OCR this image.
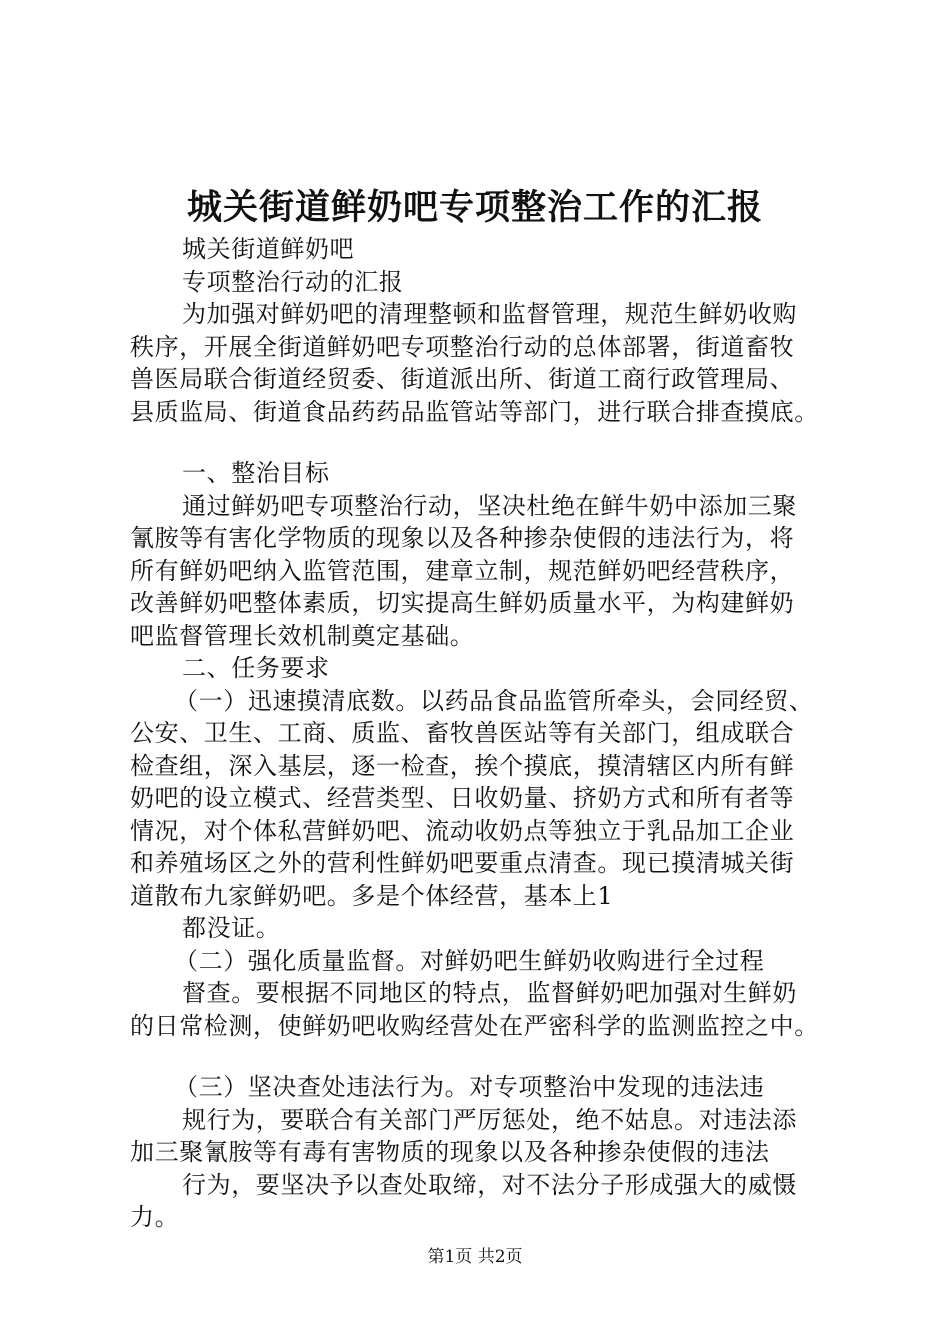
城关街道鲜奶吧专项整治工作的汇报
城关街道鲜奶吧
专项整治行动的汇报
为加强对鲜奶吧的清理整顿和监督管理，规范生鲜奶收购
秩序，开展全街道鲜奶吧专项整治行动的总体部署，街道畜牧
兽医局联合街道经贸委、街道派出所、街道工商行政管理局、
县质监局、街道食品药药品监管站等部门，进行联合排查摸底。
一、整治目标
通过鲜奶吧专项整治行动，坚决杜绝在鲜牛奶中添加三聚
氰胺等有害化学物质的现象以及各种掺杂使假的违法行为，将
所有鲜奶吧纳入监管范围，建章立制，规范鲜奶吧经营秩序，
改善鲜奶吧整体素质，切实提高生鲜奶质量水平，为构建鲜奶
吧监督管理长效机制奠定基础。
二、任务要求
（一）迅速摸清底数。以药品食品监管所牵头，会同经贸、
公安、卫生、工商、质监、畜牧兽医站等有关部门，组成联合
检查组，深入基层，逐一检查，挨个摸底，摸清辖区内所有鲜
奶吧的设立模式、经营类型、日收奶量、挤奶方式和所有者等
情况，对个体私营鲜奶吧、流动收奶点等独立于乳品加工企业
和养殖场区之外的营利性鲜奶吧要重点清查。现已摸清城关街
道散布九家鲜奶吧。多是个体经营，基本上1
都没证。
（二）强化质量监督。对鲜奶吧生鲜奶收购进行全过程
督查。要根据不同地区的特点，监督鲜奶吧加强对生鲜奶
的日常检测，使鲜奶吧收购经营处在严密科学的监测监控之中。
（三）坚决查处违法行为。对专项整治中发现的违法违
规行为，要联合有关部门严厉惩处，绝不姑息。对违法添
加三聚氰胺等有毒有害物质的现象以及各种掺杂使假的违法
行为，要坚决予以查处取缔，对不法分子形成强大的威慑
力。
第1页 共2页
